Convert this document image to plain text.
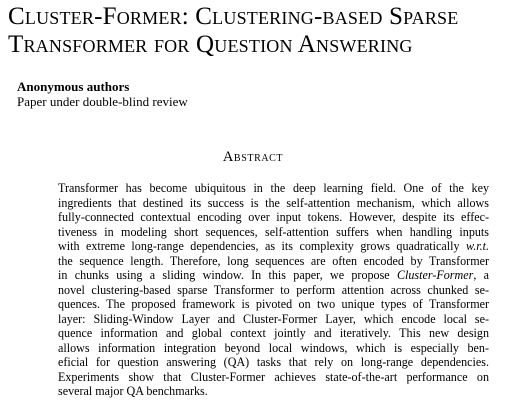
Cluster-Former: Clustering-based Sparse
Transformer for Question Answering
Anonymous authors
Paper under double-blind review
Abstract
Transformer has become ubiquitous in the deep learning field. One of the key
ingredients that destined its success is the self-attention mechanism, which allows
fully-connected contextual encoding over input tokens. However, despite its effec-
tiveness in modeling short sequences, self-attention suffers when handling inputs
with extreme long-range dependencies, as its complexity grows quadratically w.r.t.
the sequence length. Therefore, long sequences are often encoded by Transformer
in chunks using a sliding window. In this paper, we propose Cluster-Former, a
novel clustering-based sparse Transformer to perform attention across chunked se-
quences. The proposed framework is pivoted on two unique types of Transformer
layer: Sliding-Window Layer and Cluster-Former Layer, which encode local se-
quence information and global context jointly and iteratively. This new design
allows information integration beyond local windows, which is especially ben-
eficial for question answering (QA) tasks that rely on long-range dependencies.
Experiments show that Cluster-Former achieves state-of-the-art performance on
several major QA benchmarks.
